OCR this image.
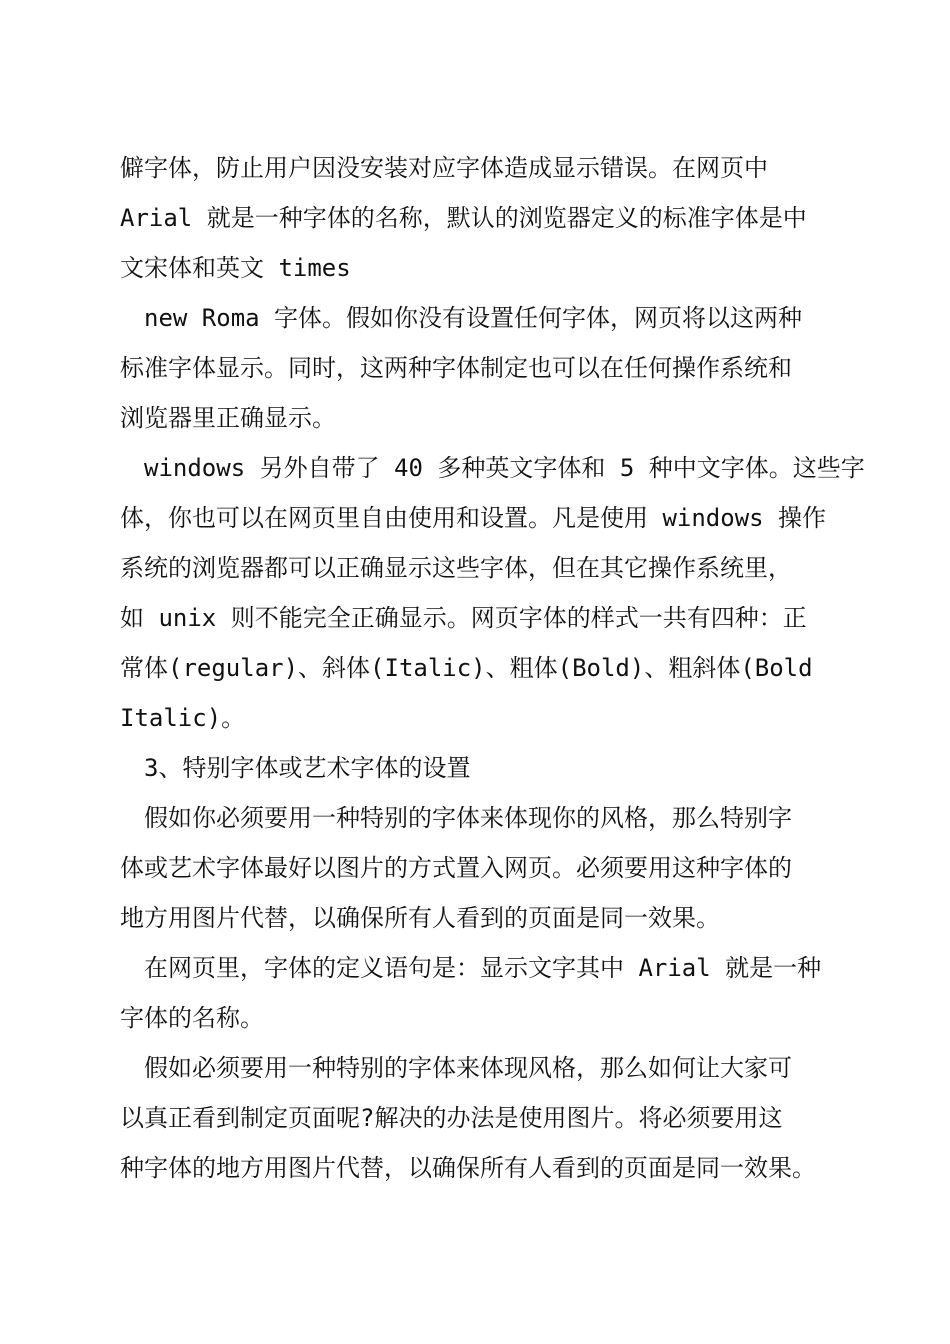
僻字体，防止用户因没安装对应字体造成显示错误。在网页中
Arial 就是一种字体的名称，默认的浏览器定义的标准字体是中
文宋体和英文 times
new Roma 字体。假如你没有设置任何字体，网页将以这两种
标准字体显示。同时，这两种字体制定也可以在任何操作系统和
浏览器里正确显示。
windows 另外自带了 40 多种英文字体和 5 种中文字体。这些字
体，你也可以在网页里自由使用和设置。凡是使用 windows 操作
系统的浏览器都可以正确显示这些字体，但在其它操作系统里，
如 unix 则不能完全正确显示。网页字体的样式一共有四种：正
常体(regular)、斜体(Italic)、粗体(Bold)、粗斜体(Bold
Italic)。
3、特别字体或艺术字体的设置
假如你必须要用一种特别的字体来体现你的风格，那么特别字
体或艺术字体最好以图片的方式置入网页。必须要用这种字体的
地方用图片代替，以确保所有人看到的页面是同一效果。
在网页里，字体的定义语句是：显示文字其中 Arial 就是一种
字体的名称。
假如必须要用一种特别的字体来体现风格，那么如何让大家可
以真正看到制定页面呢?解决的办法是使用图片。将必须要用这
种字体的地方用图片代替，以确保所有人看到的页面是同一效果。
